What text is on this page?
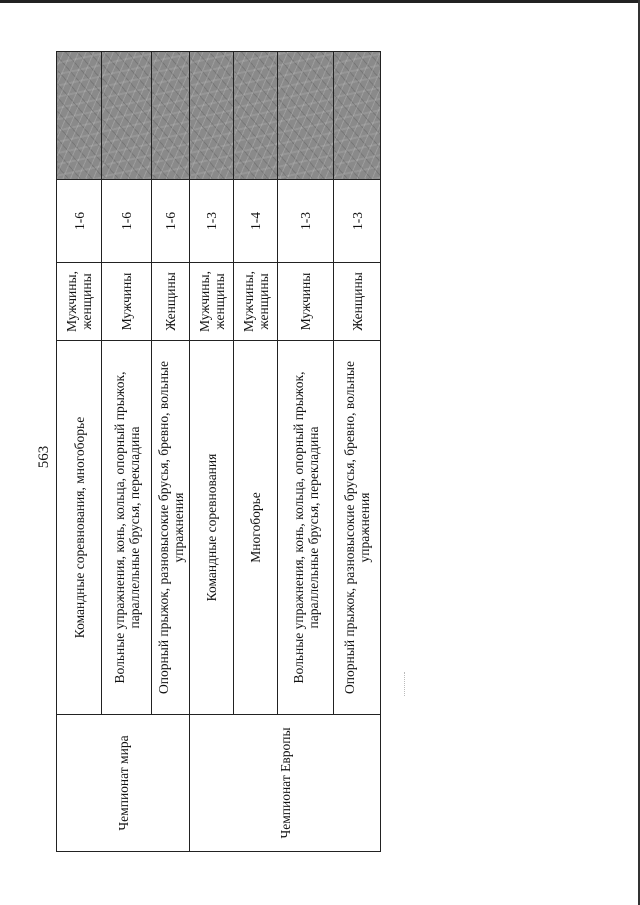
563
Чемпионат мира	Командные соревнования, многоборье	Мужчины, женщины	1-6	
	Вольные упражнения, конь, кольца, опорный прыжок, параллельные брусья, перекладина	Мужчины	1-6	
	Опорный прыжок, разновысокие брусья, бревно, вольные упражнения	Женщины	1-6	
Чемпионат Европы	Командные соревнования	Мужчины, женщины	1-3	
	Многоборье	Мужчины, женщины	1-4	
	Вольные упражнения, конь, кольца, опорный прыжок, параллельные брусья, перекладина	Мужчины	1-3	
	Опорный прыжок, разновысокие брусья, бревно, вольные упражнения	Женщины	1-3	
